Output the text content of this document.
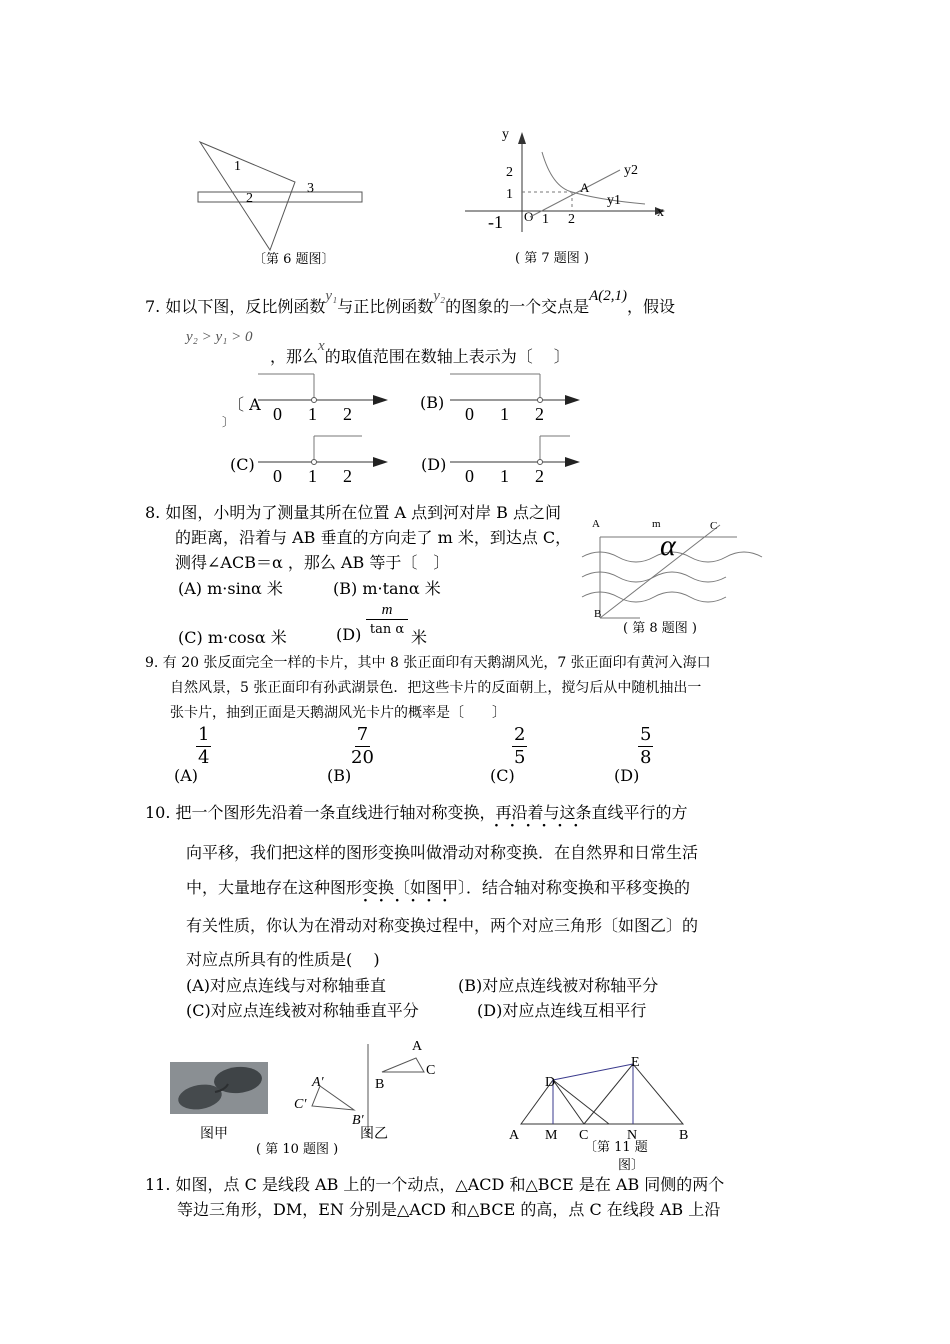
1
2
3
〔第 6 题图〕
y
x
2
1
-1 O 1 2
y2
y1
A
( 第 7 题图 )
7. 如以下图，反比例函数y₁与正比例函数y₂的图象的一个交点是A(2,1)，假设
y₂ > y₁ > 0
，那么x的取值范围在数轴上表示为〔　 〕
〔 A
〕 0 1 2
(B)
0 1 2
(C)
0 1 2
(D)
0 1 2
8. 如图，小明为了测量其所在位置 A 点到河对岸 B 点之间
的距离，沿着与 AB 垂直的方向走了 m 米，到达点 C，
测得∠ACB＝α ，那么 AB 等于〔　〕
(A) m·sinα 米	(B) m·tanα 米
(C) m·cosα 米	(D)
m
tan α 米
A	m	C
α
B
( 第 8 题图 )
9. 有 20 张反面完全一样的卡片，其中 8 张正面印有天鹅湖风光，7 张正面印有黄河入海口
自然风景，5 张正面印有孙武湖景色．把这些卡片的反面朝上，搅匀后从中随机抽出一
张卡片，抽到正面是天鹅湖风光卡片的概率是〔　　〕
$\frac{1}{4}$
(A)
$\frac{7}{20}$
(B)
$\frac{2}{5}$
(C)
$\frac{5}{8}$
(D)
10. 把一个图形先沿着一条直线进行轴对称变换，再沿着与这条直线平行的方
······
向平移，我们把这样的图形变换叫做滑动对称变换．在自然界和日常生活
中，大量地存在这种图形变换〔如图甲〕．结合轴对称变换和平移变换的
······
有关性质，你认为在滑动对称变换过程中，两个对应三角形〔如图乙〕的
对应点所具有的性质是(　 )
(A)对应点连线与对称轴垂直	(B)对应点连线被对称轴平分
(C)对应点连线被对称轴垂直平分	(D)对应点连线互相平行
图甲
A
C
B
A′
C′
B′
图乙
( 第 10 题图 )
A M C	N	B
D
E
〔第 11 题
图〕
11. 如图，点 C 是线段 AB 上的一个动点，△ACD 和△BCE 是在 AB 同侧的两个
等边三角形，DM，EN 分别是△ACD 和△BCE 的高，点 C 在线段 AB 上沿
